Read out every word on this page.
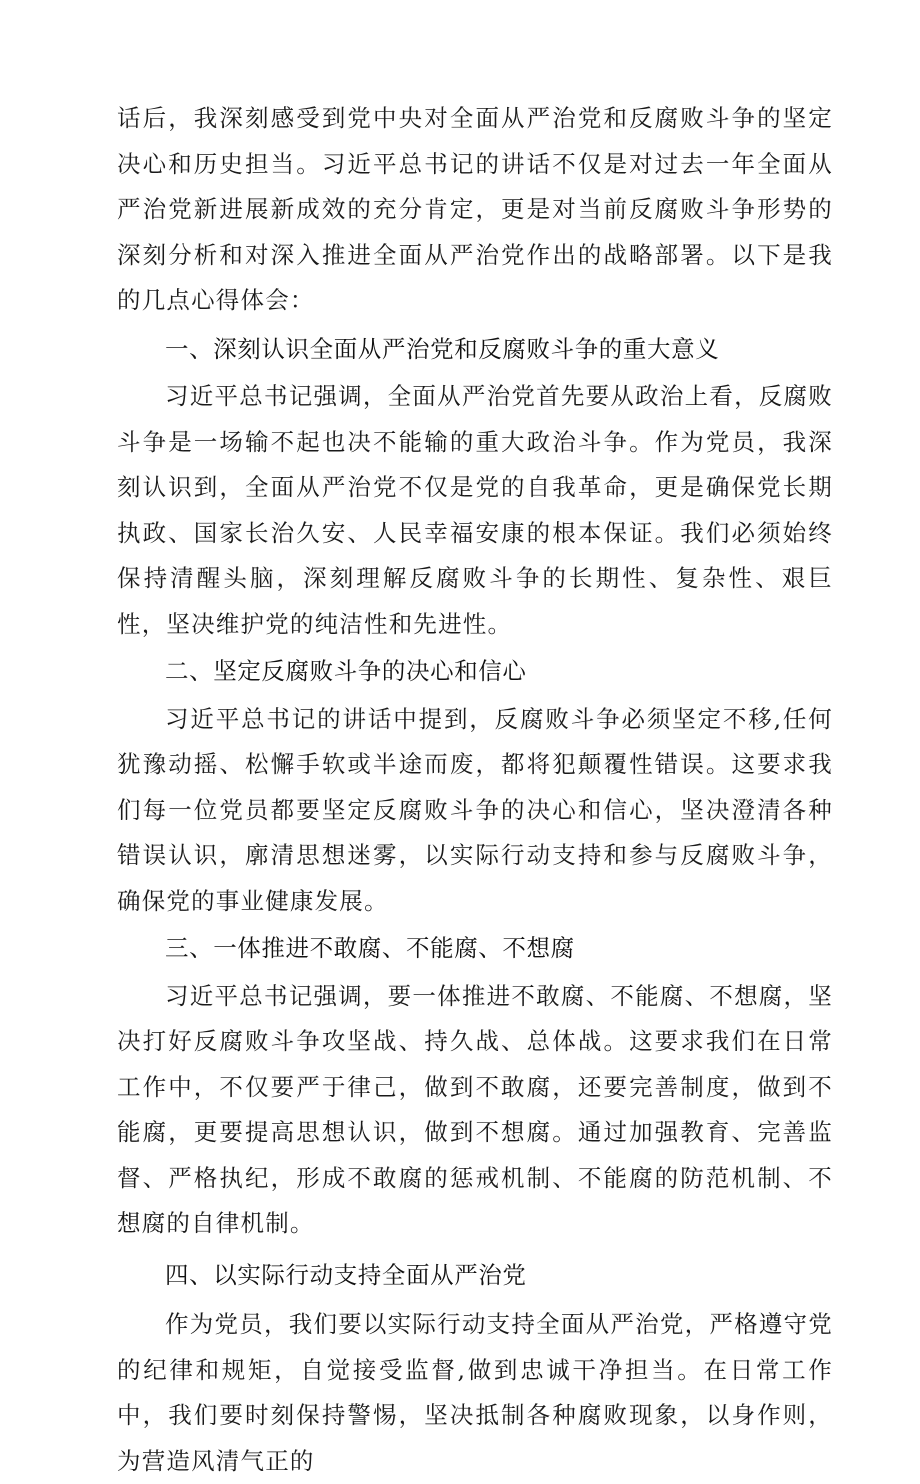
话后，我深刻感受到党中央对全面从严治党和反腐败斗争的坚定决心和历史担当。习近平总书记的讲话不仅是对过去一年全面从严治党新进展新成效的充分肯定，更是对当前反腐败斗争形势的深刻分析和对深入推进全面从严治党作出的战略部署。以下是我的几点心得体会：

一、深刻认识全面从严治党和反腐败斗争的重大意义

习近平总书记强调，全面从严治党首先要从政治上看，反腐败斗争是一场输不起也决不能输的重大政治斗争。作为党员，我深刻认识到，全面从严治党不仅是党的自我革命，更是确保党长期执政、国家长治久安、人民幸福安康的根本保证。我们必须始终保持清醒头脑，深刻理解反腐败斗争的长期性、复杂性、艰巨性，坚决维护党的纯洁性和先进性。

二、坚定反腐败斗争的决心和信心

习近平总书记的讲话中提到，反腐败斗争必须坚定不移,任何犹豫动摇、松懈手软或半途而废，都将犯颠覆性错误。这要求我们每一位党员都要坚定反腐败斗争的决心和信心，坚决澄清各种错误认识，廓清思想迷雾，以实际行动支持和参与反腐败斗争，确保党的事业健康发展。

三、一体推进不敢腐、不能腐、不想腐

习近平总书记强调，要一体推进不敢腐、不能腐、不想腐，坚决打好反腐败斗争攻坚战、持久战、总体战。这要求我们在日常工作中，不仅要严于律己，做到不敢腐，还要完善制度，做到不能腐，更要提高思想认识，做到不想腐。通过加强教育、完善监督、严格执纪，形成不敢腐的惩戒机制、不能腐的防范机制、不想腐的自律机制。

四、以实际行动支持全面从严治党

作为党员，我们要以实际行动支持全面从严治党，严格遵守党的纪律和规矩，自觉接受监督,做到忠诚干净担当。在日常工作中，我们要时刻保持警惕，坚决抵制各种腐败现象，以身作则，为营造风清气正的
